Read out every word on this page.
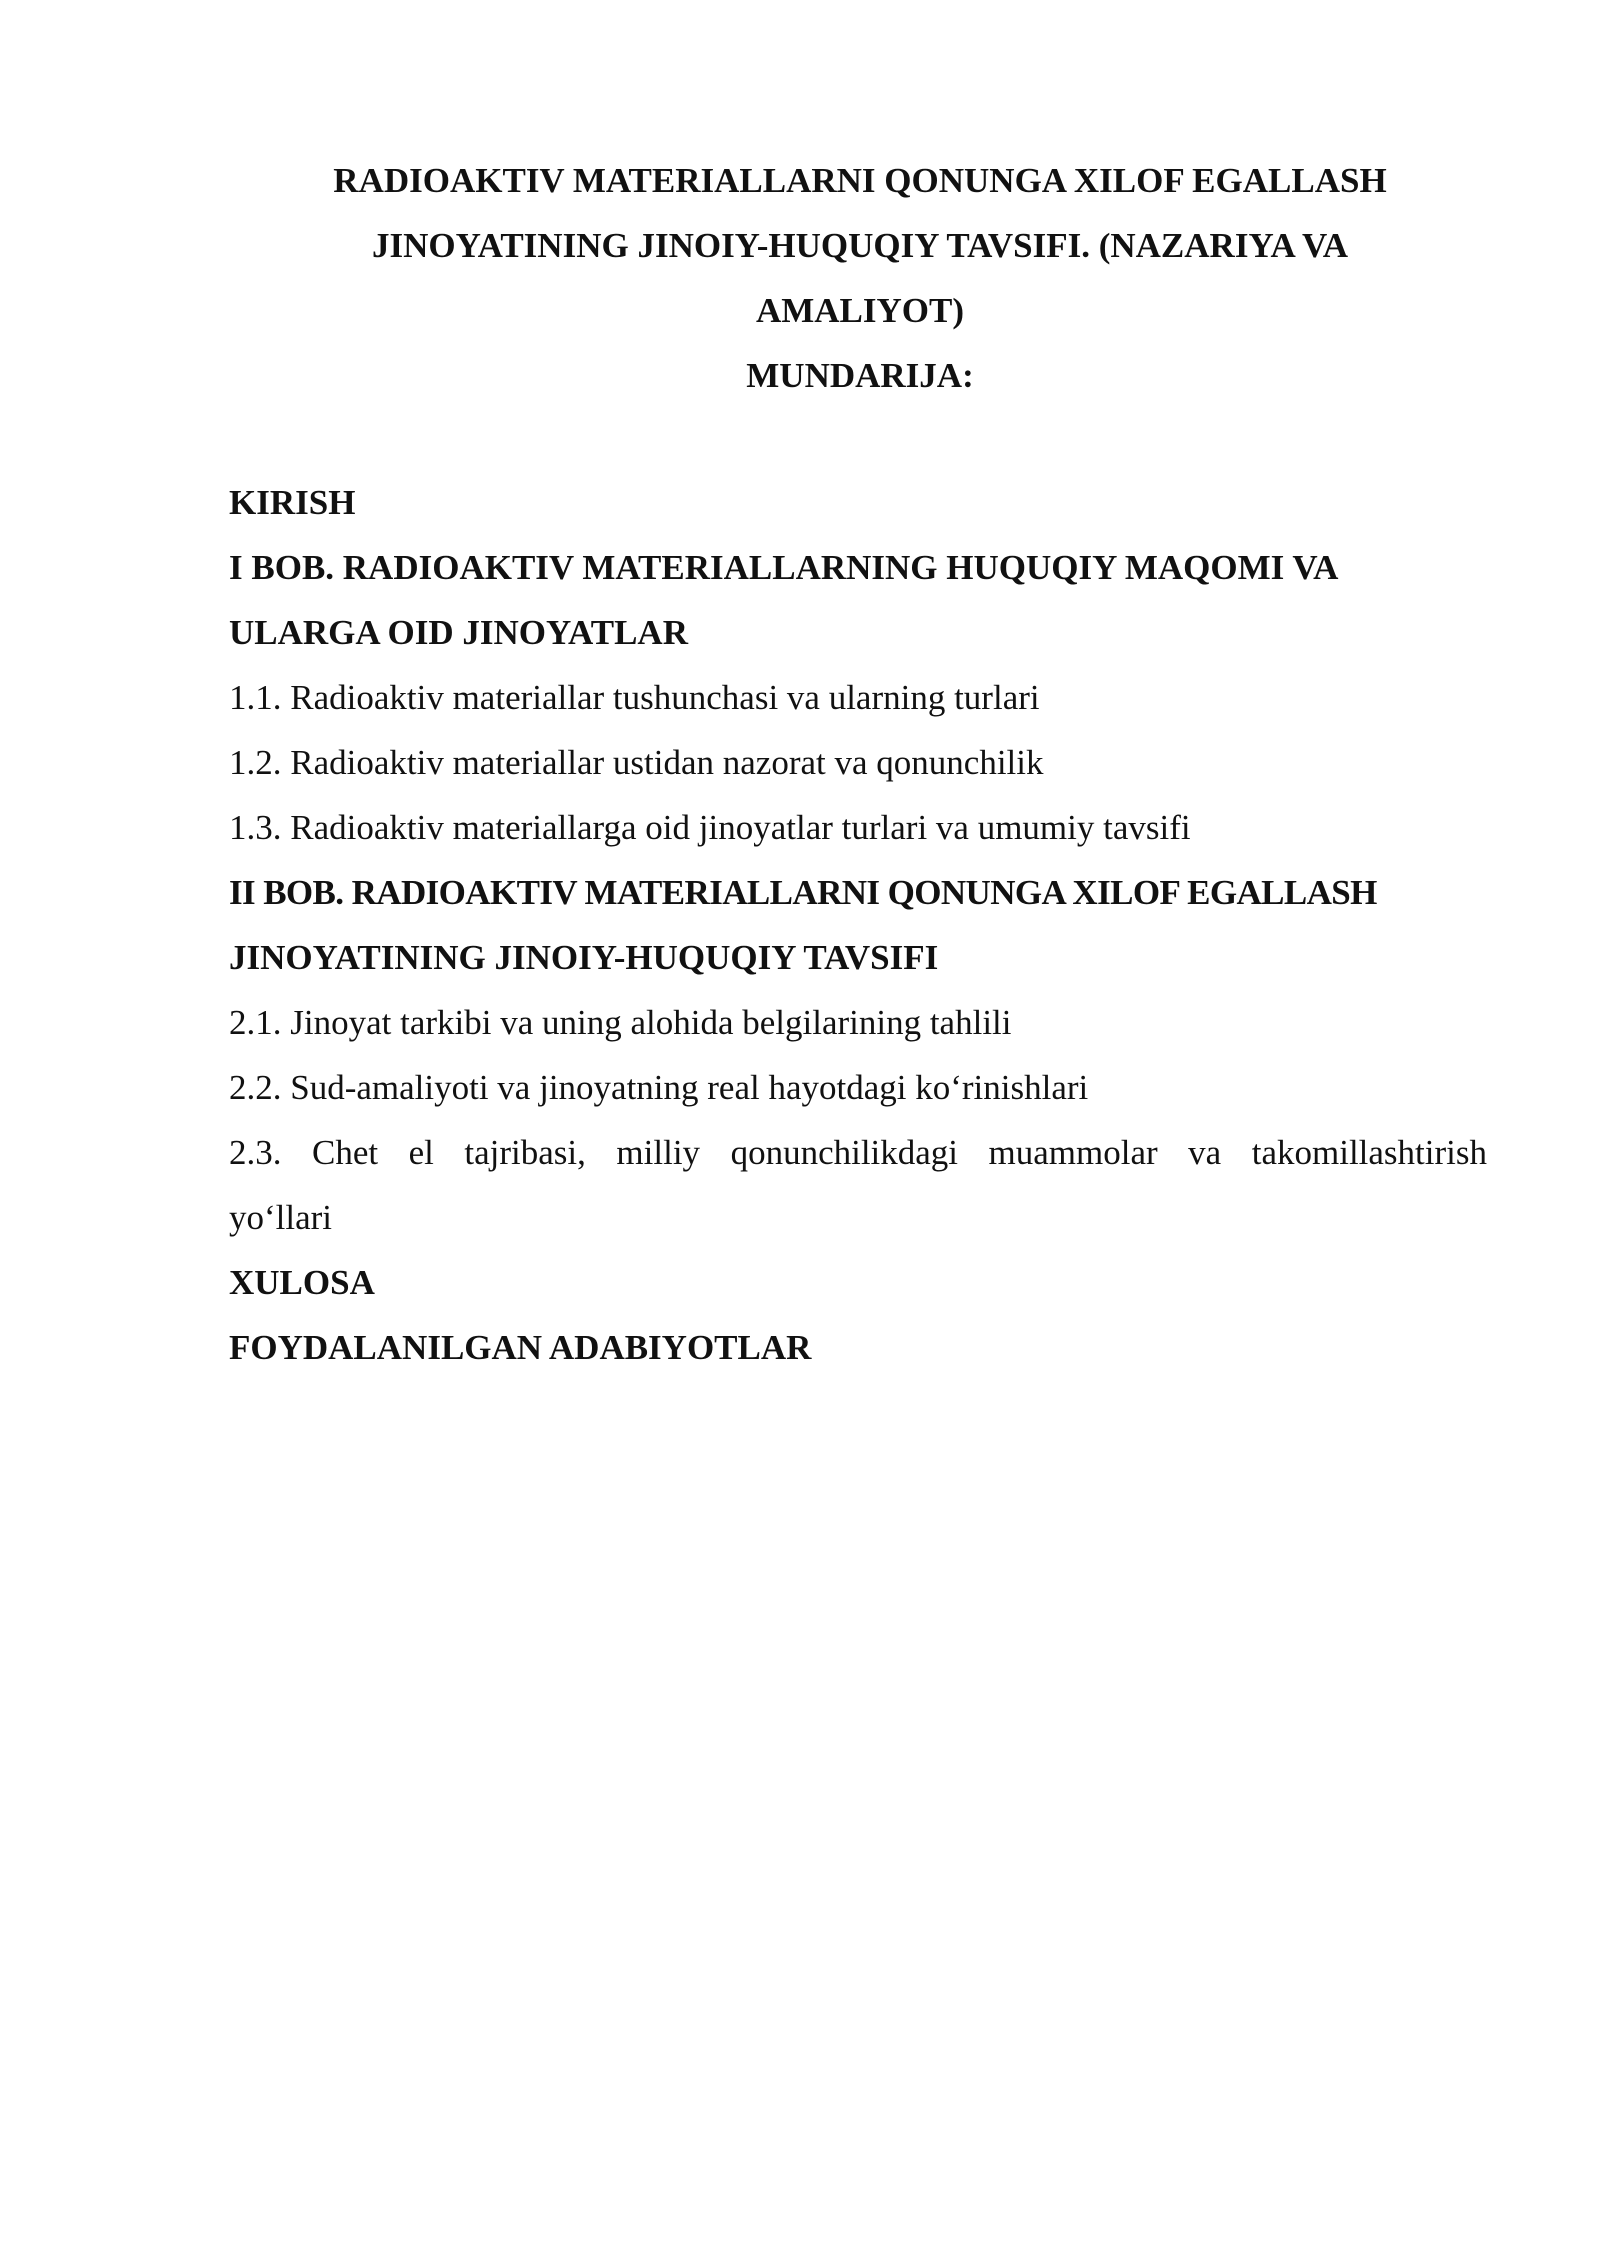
RADIOAKTIV MATERIALLARNI QONUNGA XILOF EGALLASH
JINOYATINING JINOIY-HUQUQIY TAVSIFI. (NAZARIYA VA
AMALIYOT)
MUNDARIJA:
KIRISH
I BOB. RADIOAKTIV MATERIALLARNING HUQUQIY MAQOMI VA
ULARGA OID JINOYATLAR
1.1. Radioaktiv materiallar tushunchasi va ularning turlari
1.2. Radioaktiv materiallar ustidan nazorat va qonunchilik
1.3. Radioaktiv materiallarga oid jinoyatlar turlari va umumiy tavsifi
II BOB. RADIOAKTIV MATERIALLARNI QONUNGA XILOF EGALLASH
JINOYATINING JINOIY-HUQUQIY TAVSIFI
2.1. Jinoyat tarkibi va uning alohida belgilarining tahlili
2.2. Sud-amaliyoti va jinoyatning real hayotdagi ko‘rinishlari
2.3. Chet el tajribasi, milliy qonunchilikdagi muammolar va takomillashtirish
yo‘llari
XULOSA
FOYDALANILGAN ADABIYOTLAR
